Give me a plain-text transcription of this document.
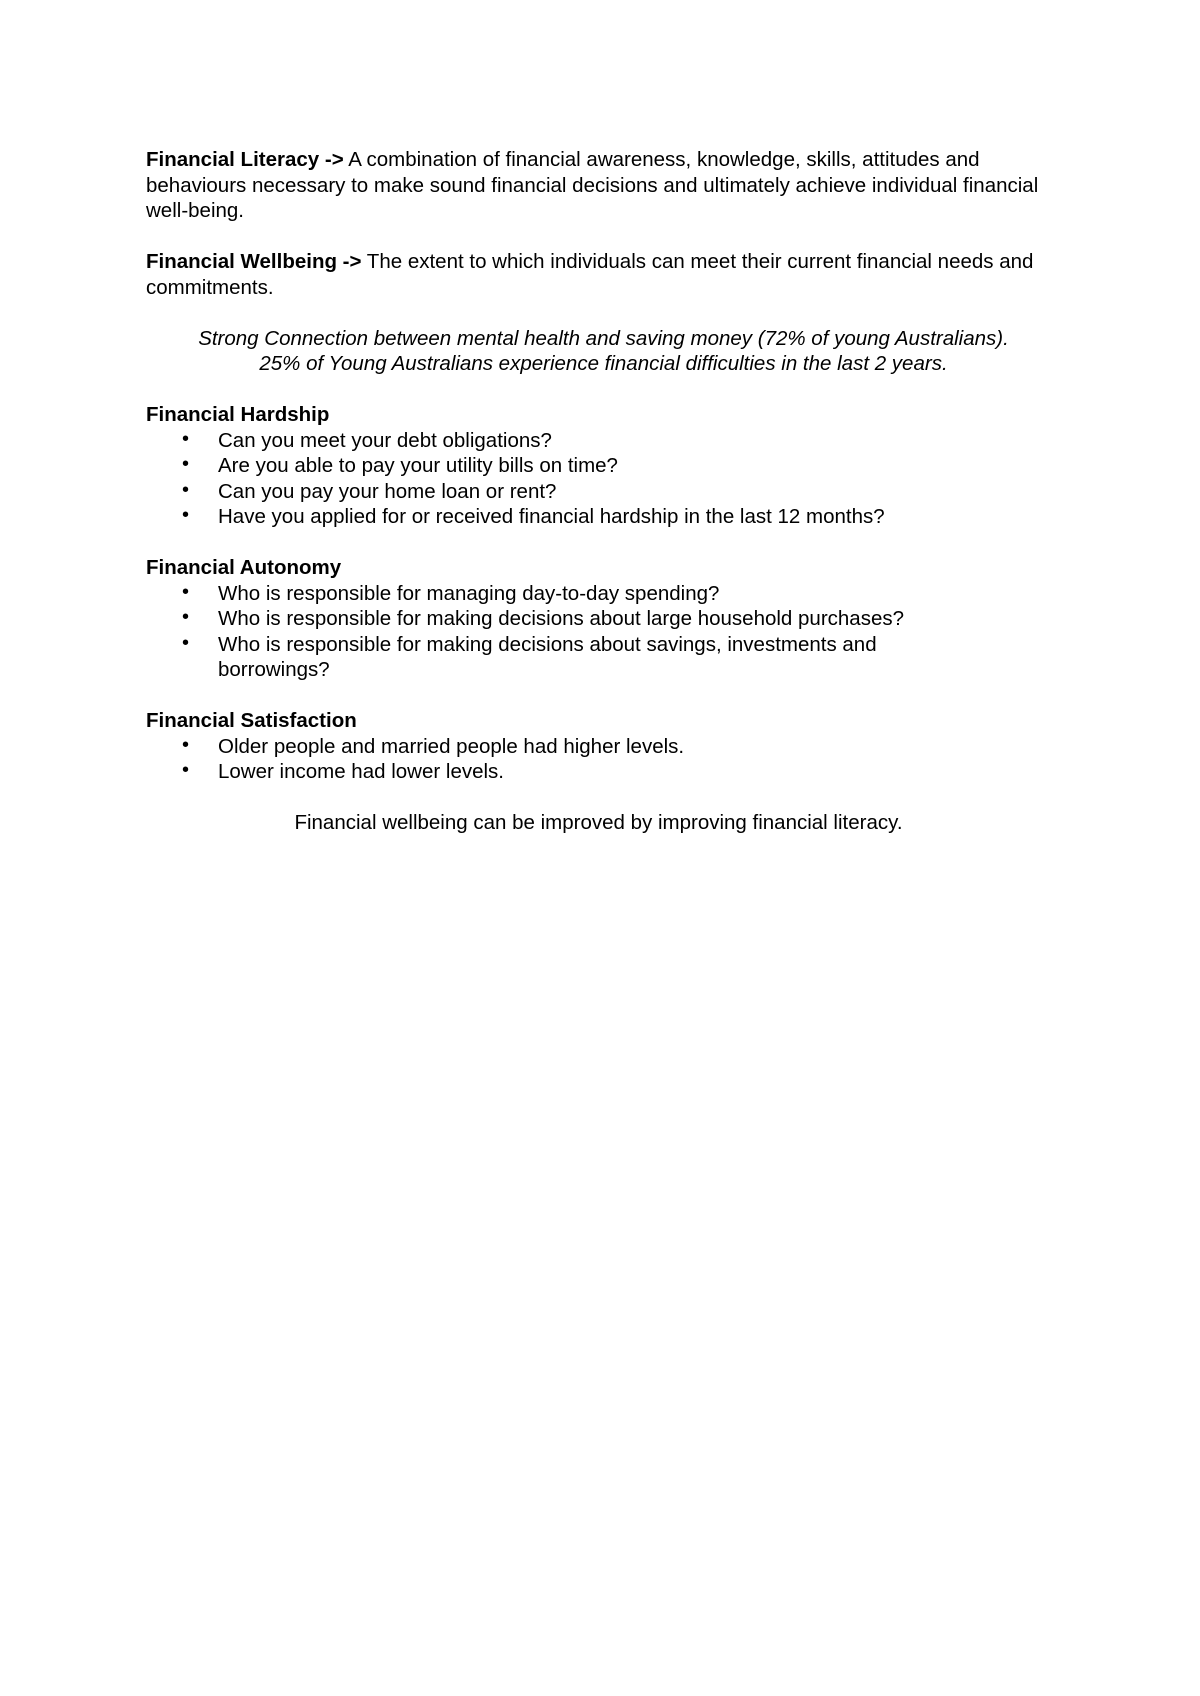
Financial Literacy -> A combination of financial awareness, knowledge, skills, attitudes and behaviours necessary to make sound financial decisions and ultimately achieve individual financial well-being.

Financial Wellbeing -> The extent to which individuals can meet their current financial needs and commitments.

Strong Connection between mental health and saving money (72% of young Australians).
25% of Young Australians experience financial difficulties in the last 2 years.

Financial Hardship

• Can you meet your debt obligations?
• Are you able to pay your utility bills on time?
• Can you pay your home loan or rent?
• Have you applied for or received financial hardship in the last 12 months?

Financial Autonomy

• Who is responsible for managing day-to-day spending?
• Who is responsible for making decisions about large household purchases?
• Who is responsible for making decisions about savings, investments and borrowings?

Financial Satisfaction

• Older people and married people had higher levels.
• Lower income had lower levels.

Financial wellbeing can be improved by improving financial literacy.
